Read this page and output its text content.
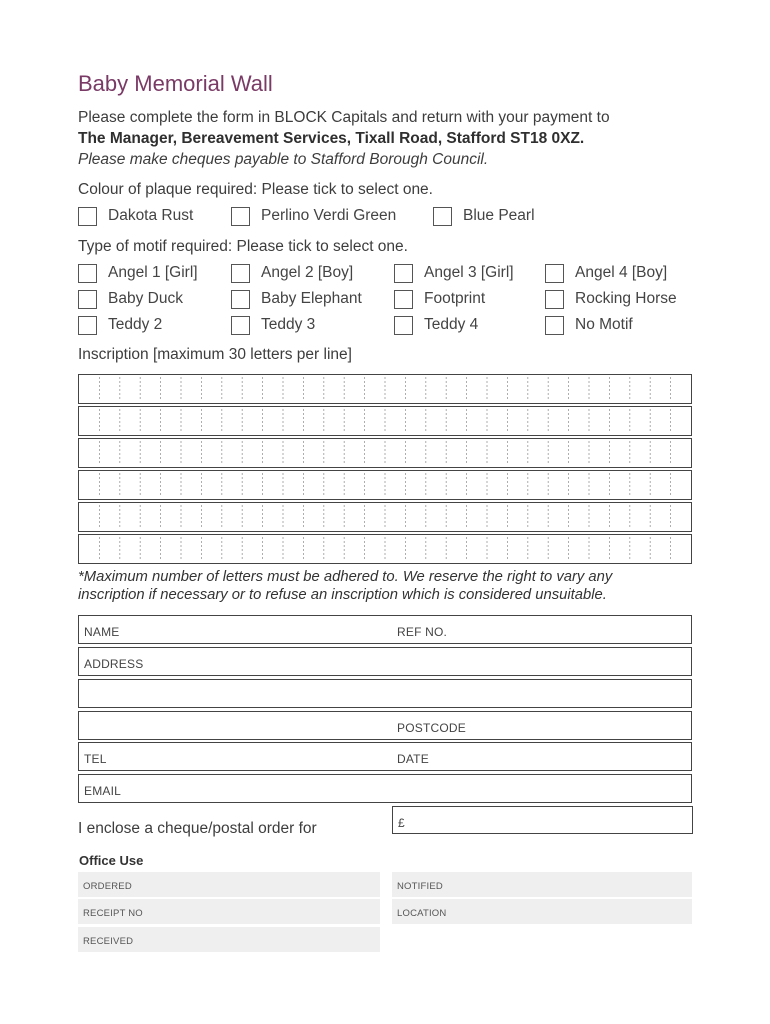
Baby Memorial Wall
Please complete the form in BLOCK Capitals and return with your payment to
The Manager, Bereavement Services, Tixall Road, Stafford ST18 0XZ.
Please make cheques payable to Stafford Borough Council.
Colour of plaque required: Please tick to select one.
Dakota Rust	Perlino Verdi Green	Blue Pearl
Type of motif required: Please tick to select one.
Angel 1 [Girl]	Angel 2 [Boy]	Angel 3 [Girl]	Angel 4 [Boy]
Baby Duck	Baby Elephant	Footprint	Rocking Horse
Teddy 2	Teddy 3	Teddy 4	No Motif
Inscription [maximum 30 letters per line]
*Maximum number of letters must be adhered to. We reserve the right to vary any
inscription if necessary or to refuse an inscription which is considered unsuitable.
NAME	REF NO.
ADDRESS
POSTCODE
TEL	DATE
EMAIL
I enclose a cheque/postal order for	£
Office Use
ORDERED	NOTIFIED
RECEIPT NO	LOCATION
RECEIVED
